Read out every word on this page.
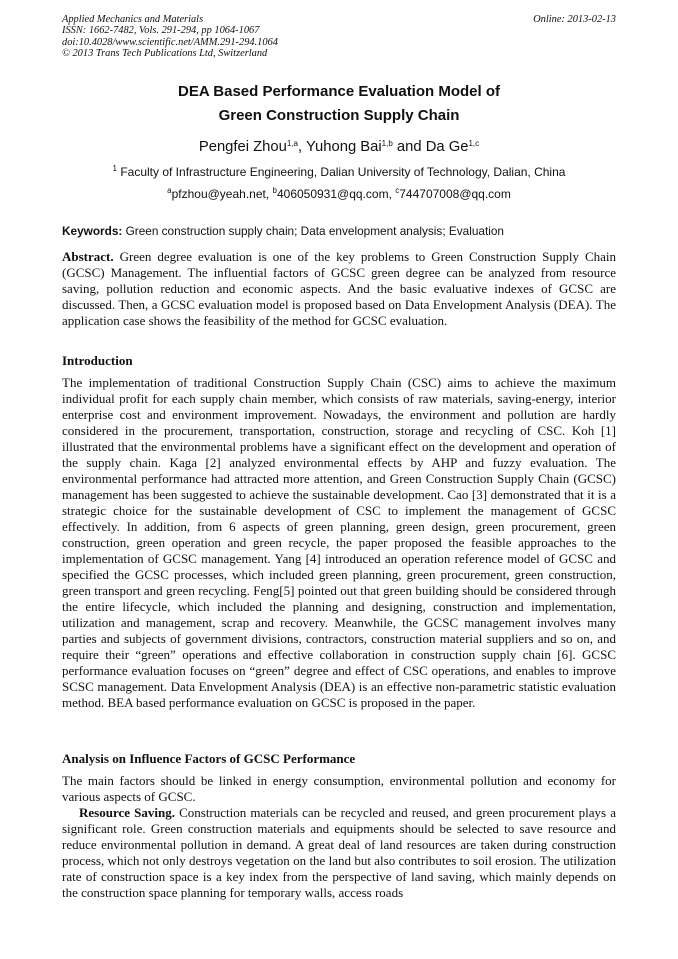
Applied Mechanics and Materials
ISSN: 1662-7482, Vols. 291-294, pp 1064-1067
doi:10.4028/www.scientific.net/AMM.291-294.1064
© 2013 Trans Tech Publications Ltd, Switzerland
Online: 2013-02-13
DEA Based Performance Evaluation Model of
Green Construction Supply Chain
Pengfei Zhou$^{1,a}$, Yuhong Bai$^{1,b}$ and Da Ge$^{1,c}$
$^1$ Faculty of Infrastructure Engineering, Dalian University of Technology, Dalian, China
$^a$pfzhou@yeah.net, $^b$406050931@qq.com, $^c$744707008@qq.com
Keywords: Green construction supply chain; Data envelopment analysis; Evaluation

Abstract. Green degree evaluation is one of the key problems to Green Construction Supply Chain (GCSC) Management. The influential factors of GCSC green degree can be analyzed from resource saving, pollution reduction and economic aspects. And the basic evaluative indexes of GCSC are discussed. Then, a GCSC evaluation model is proposed based on Data Envelopment Analysis (DEA). The application case shows the feasibility of the method for GCSC evaluation.

Introduction

The implementation of traditional Construction Supply Chain (CSC) aims to achieve the maximum individual profit for each supply chain member, which consists of raw materials, saving-energy, interior enterprise cost and environment improvement. Nowadays, the environment and pollution are hardly considered in the procurement, transportation, construction, storage and recycling of CSC. Koh [1] illustrated that the environmental problems have a significant effect on the development and operation of the supply chain. Kaga [2] analyzed environmental effects by AHP and fuzzy evaluation. The environmental performance had attracted more attention, and Green Construction Supply Chain (GCSC) management has been suggested to achieve the sustainable development. Cao [3] demonstrated that it is a strategic choice for the sustainable development of CSC to implement the management of GCSC effectively. In addition, from 6 aspects of green planning, green design, green procurement, green construction, green operation and green recycle, the paper proposed the feasible approaches to the implementation of GCSC management. Yang [4] introduced an operation reference model of GCSC and specified the GCSC processes, which included green planning, green procurement, green construction, green transport and green recycling. Feng[5] pointed out that green building should be considered through the entire lifecycle, which included the planning and designing, construction and implementation, utilization and management, scrap and recovery. Meanwhile, the GCSC management involves many parties and subjects of government divisions, contractors, construction material suppliers and so on, and require their “green” operations and effective collaboration in construction supply chain [6]. GCSC performance evaluation focuses on “green” degree and effect of CSC operations, and enables to improve SCSC management. Data Envelopment Analysis (DEA) is an effective non-parametric statistic evaluation method. BEA based performance evaluation on GCSC is proposed in the paper.

Analysis on Influence Factors of GCSC Performance

The main factors should be linked in energy consumption, environmental pollution and economy for various aspects of GCSC.

Resource Saving. Construction materials can be recycled and reused, and green procurement plays a significant role. Green construction materials and equipments should be selected to save resource and reduce environmental pollution in demand. A great deal of land resources are taken during construction process, which not only destroys vegetation on the land but also contributes to soil erosion. The utilization rate of construction space is a key index from the perspective of land saving, which mainly depends on the construction space planning for temporary walls, access roads
